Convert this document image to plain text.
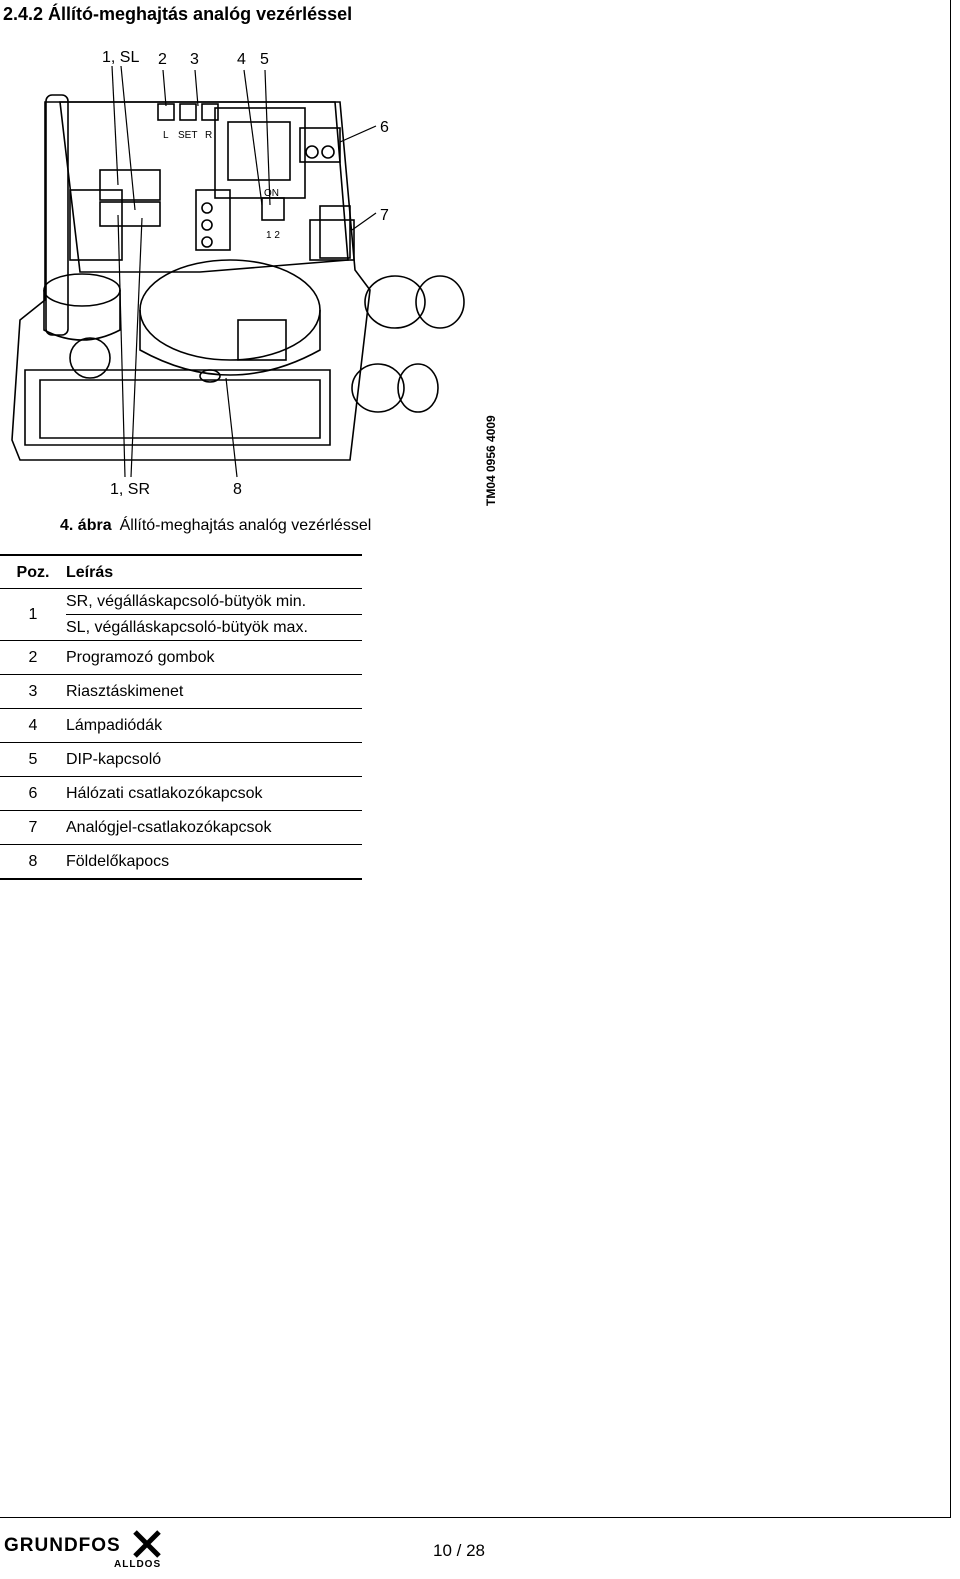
2.4.2 Állító-meghajtás analóg vezérléssel
1, SL 2 3 4 5
6
7
1, SR	8
L SET R
ON
1 2
TM04 0956 4009
4. ábra Állító-meghajtás analóg vezérléssel
Poz.	Leírás
1	SR, végálláskapcsoló-bütyök min.
	SL, végálláskapcsoló-bütyök max.
2	Programozó gombok
3	Riasztáskimenet
4	Lámpadiódák
5	DIP-kapcsoló
6	Hálózati csatlakozókapcsok
7	Analógjel-csatlakozókapcsok
8	Földelőkapocs
GRUNDFOS
ALLDOS
10 / 28
